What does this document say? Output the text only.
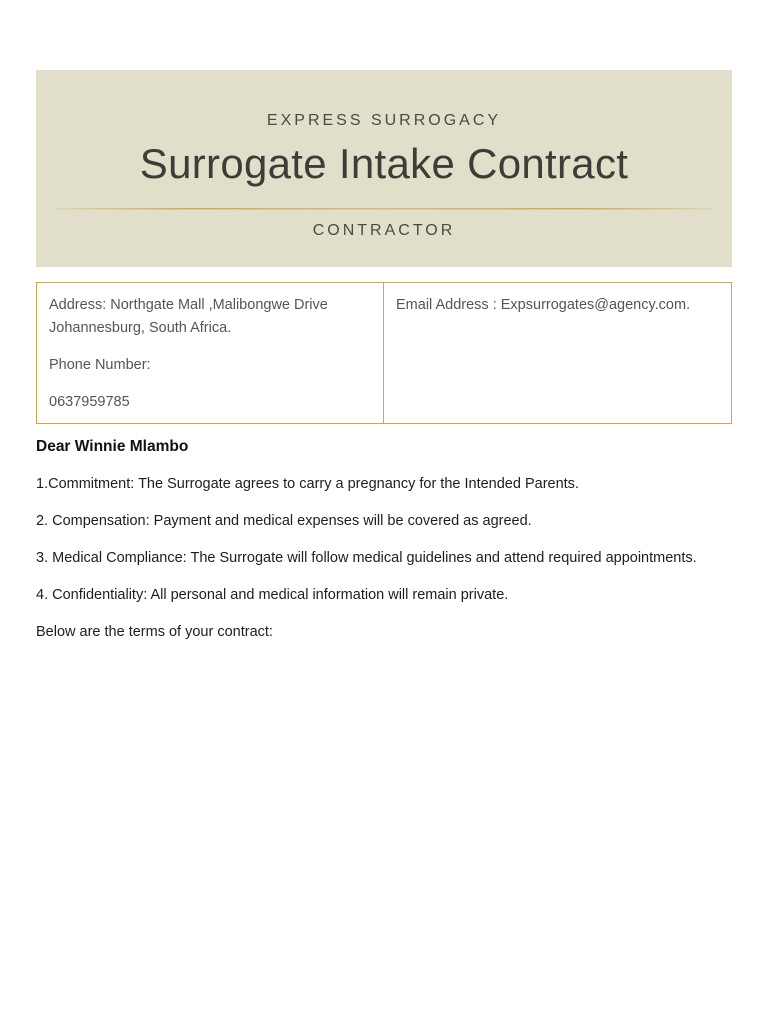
EXPRESS SURROGACY
Surrogate Intake Contract
CONTRACTOR

Address: Northgate Mall ,Malibongwe Drive
Johannesburg, South Africa.

Phone Number:

0637959785

Email Address : Expsurrogates@agency.com.

Dear Winnie Mlambo

1.Commitment: The Surrogate agrees to carry a pregnancy for the Intended Parents.

2. Compensation: Payment and medical expenses will be covered as agreed.

3. Medical Compliance: The Surrogate will follow medical guidelines and attend required appointments.

4. Confidentiality: All personal and medical information will remain private.

Below are the terms of your contract:
